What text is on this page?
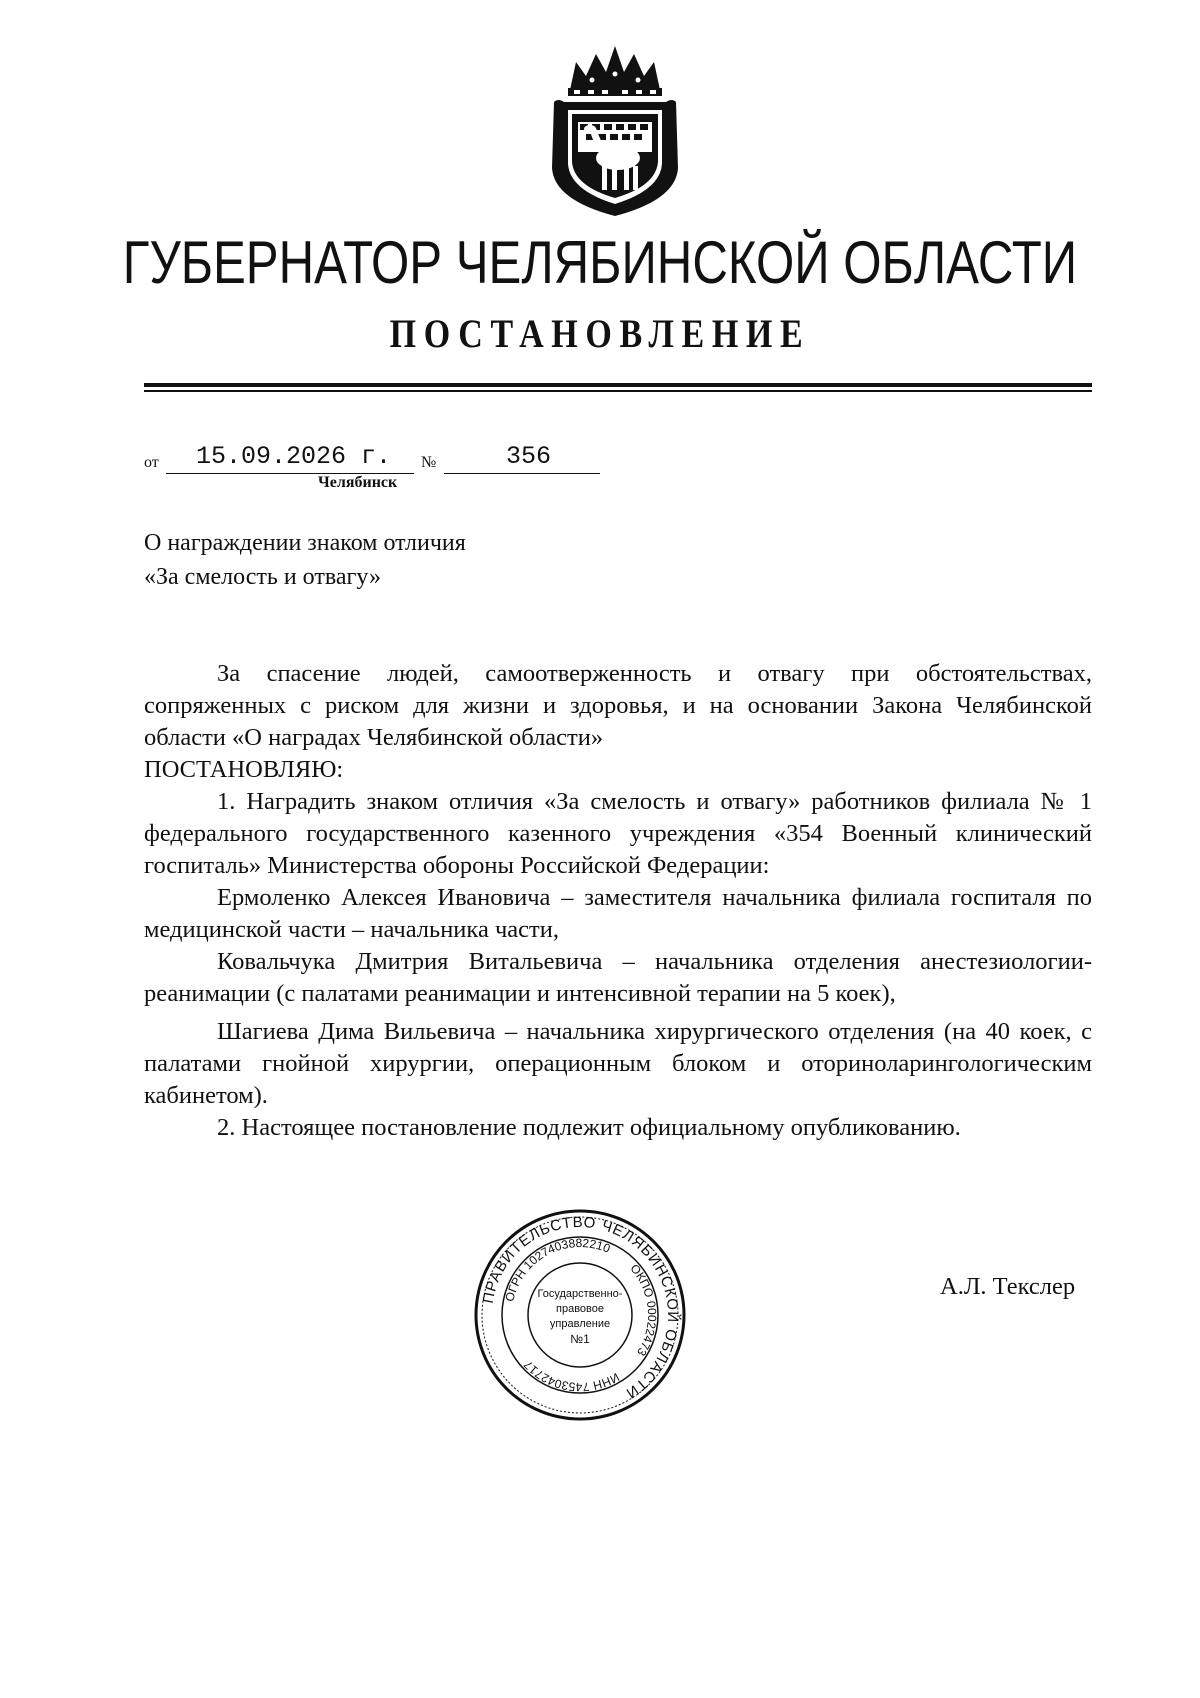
ГУБЕРНАТОР ЧЕЛЯБИНСКОЙ ОБЛАСТИ
ПОСТАНОВЛЕНИЕ
от 15.09.2026 г. №	356
Челябинск
О награждении знаком отличия
«За смелость и отвагу»

За спасение людей, самоотверженность и отвагу при обстоятельствах, сопряженных с риском для жизни и здоровья, и на основании Закона Челябинской области «О наградах Челябинской области»

ПОСТАНОВЛЯЮ:

1. Наградить знаком отличия «За смелость и отвагу» работников филиала № 1 федерального государственного казенного учреждения «354 Военный клинический госпиталь» Министерства обороны Российской Федерации:

Ермоленко Алексея Ивановича – заместителя начальника филиала госпиталя по медицинской части – начальника части,

Ковальчука Дмитрия Витальевича – начальника отделения анестезиологии-реанимации (с палатами реанимации и интенсивной терапии на 5 коек),

Шагиева Дима Вильевича – начальника хирургического отделения (на 40 коек, с палатами гнойной хирургии, операционным блоком и оториноларингологическим кабинетом).

2. Настоящее постановление подлежит официальному опубликованию.

ПРАВИТЕЛЬСТВО ЧЕЛЯБИНСКОЙ ОБЛАСТИ
ОГРН 1027403882210
ОКПО 00022473
ИНН 7453042717
Государственно-
правовое
управление
№1
А.Л. Текслер
